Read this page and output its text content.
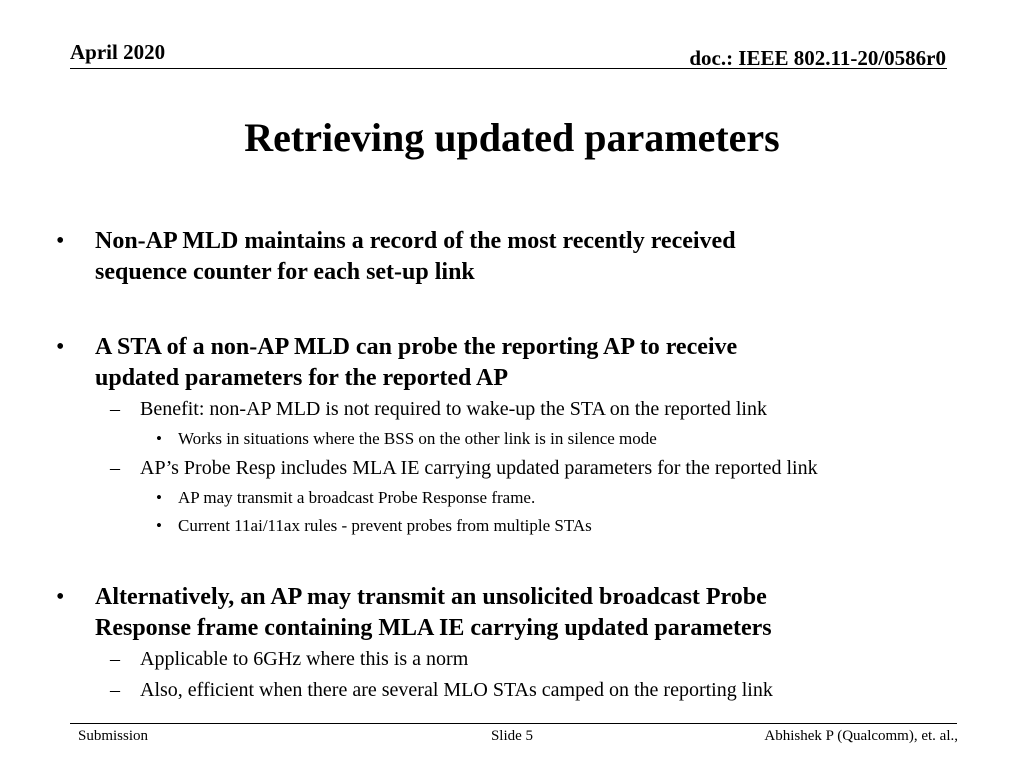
April 2020	doc.: IEEE 802.11-20/0586r0
Retrieving updated parameters
• Non-AP MLD maintains a record of the most recently received
sequence counter for each set-up link
• A STA of a non-AP MLD can probe the reporting AP to receive
updated parameters for the reported AP
– Benefit: non-AP MLD is not required to wake-up the STA on the reported link
• Works in situations where the BSS on the other link is in silence mode
– AP’s Probe Resp includes MLA IE carrying updated parameters for the reported link
• AP may transmit a broadcast Probe Response frame.
• Current 11ai/11ax rules - prevent probes from multiple STAs
• Alternatively, an AP may transmit an unsolicited broadcast Probe
Response frame containing MLA IE carrying updated parameters
– Applicable to 6GHz where this is a norm
– Also, efficient when there are several MLO STAs camped on the reporting link
Submission	Slide 5	Abhishek P (Qualcomm), et. al.,
